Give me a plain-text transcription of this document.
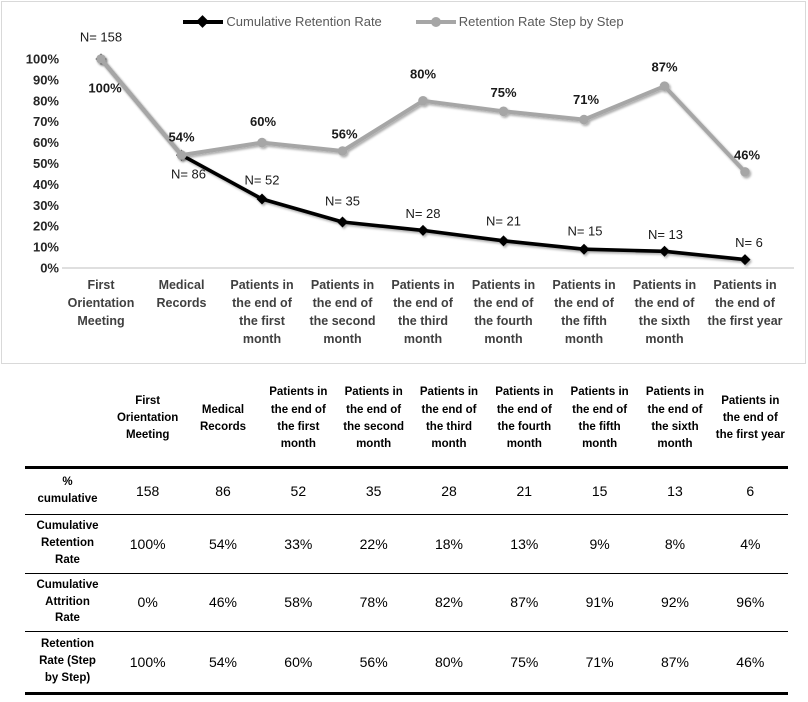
100%
90%
80%
70%
60%
50%
40%
30%
20%
10%
0%
First Orientation Meeting
Medical Records
Patients in the end of the first month
Patients in the end of the second month
Patients in the end of the third month
Patients in the end of the fourth month
Patients in the end of the fifth month
Patients in the end of the sixth month
Patients in the end of the first year
N= 158
N= 86	N= 52
N= 35
N= 28	N= 21
N= 15	N= 13
N= 6
100%
54%
60%
56%
80%
75%	71%
87%
46%
Cumulative Retention Rate	Retention Rate Step by Step
	First Orientation Meeting	Medical Records	Patients in the end of the first month	Patients in the end of the second month	Patients in the end of the third month	Patients in the end of the fourth month	Patients in the end of the fifth month	Patients in the end of the sixth month	Patients in the end of the first year
% cumulative	158	86	52	35	28	21	15	13	6
Cumulative Retention Rate	100%	54%	33%	22%	18%	13%	9%	8%	4%
Cumulative Attrition Rate	0%	46%	58%	78%	82%	87%	91%	92%	96%
Retention Rate (Step by Step)	100%	54%	60%	56%	80%	75%	71%	87%	46%
